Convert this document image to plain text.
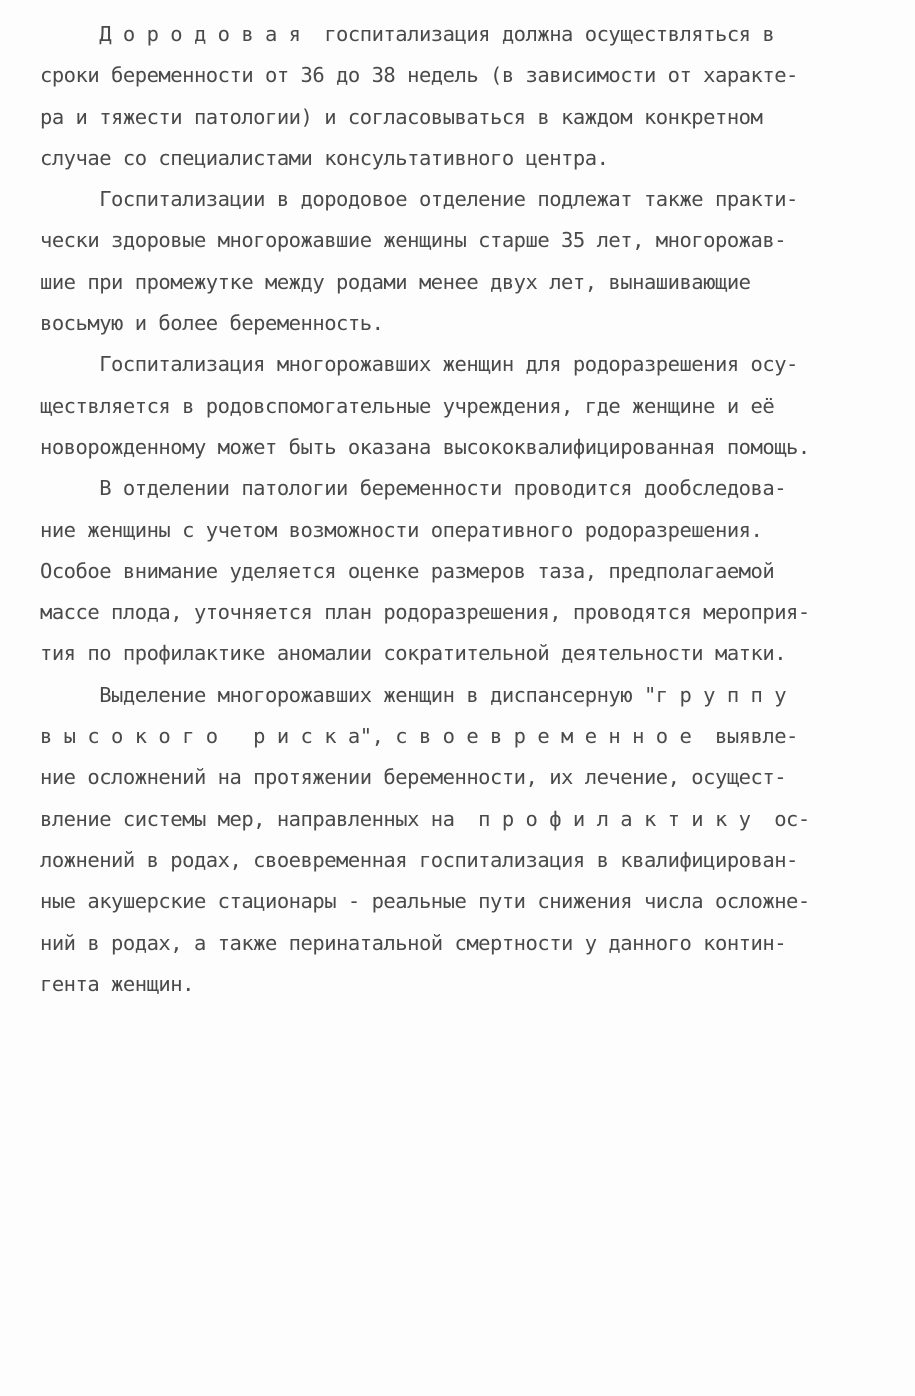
Д о р о д о в а я  госпитализация должна осуществляться в
сроки беременности от 36 до 38 недель (в зависимости от характе-
ра и тяжести патологии) и согласовываться в каждом конкретном
случае со специалистами консультативного центра.
Госпитализации в дородовое отделение подлежат также практи-
чески здоровые многорожавшие женщины старше 35 лет, многорожав-
шие при промежутке между родами менее двух лет, вынашивающие
восьмую и более беременность.
Госпитализация многорожавших женщин для родоразрешения осу-
ществляется в родовспомогательные учреждения, где женщине и её
новорожденному может быть оказана высококвалифицированная помощь.
В отделении патологии беременности проводится дообследова-
ние женщины с учетом возможности оперативного родоразрешения.
Особое внимание уделяется оценке размеров таза, предполагаемой
массе плода, уточняется план родоразрешения, проводятся мероприя-
тия по профилактике аномалии сократительной деятельности матки.
Выделение многорожавших женщин в диспансерную "г р у п п у
в ы с о к о г о   р и с к а", с в о е в р е м е н н о е  выявле-
ние осложнений на протяжении беременности, их лечение, осущест-
вление системы мер, направленных на  п р о ф и л а к т и к у  ос-
ложнений в родах, своевременная госпитализация в квалифицирован-
ные акушерские стационары - реальные пути снижения числа осложне-
ний в родах, а также перинатальной смертности у данного контин-
гента женщин.
